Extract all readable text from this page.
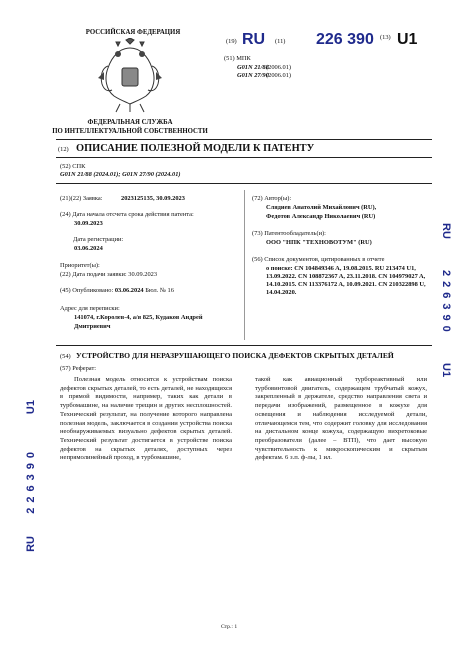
РОССИЙСКАЯ ФЕДЕРАЦИЯ
ФЕДЕРАЛЬНАЯ СЛУЖБА
ПО ИНТЕЛЛЕКТУАЛЬНОЙ СОБСТВЕННОСТИ
(19) RU (11) 226 390 (13) U1
(51) МПК
G01N 21/88
(2006.01)
G01N 27/90
(2006.01)
(12) ОПИСАНИЕ ПОЛЕЗНОЙ МОДЕЛИ К ПАТЕНТУ
(52) СПК
G01N 21/88 (2024.01); G01N 27/90 (2024.01)
(21)(22) Заявка:	2023125135, 30.09.2023
(24) Дата начала отсчета срока действия патента:
30.09.2023
Дата регистрации:
03.06.2024
Приоритет(ы):
(22) Дата подачи заявки: 30.09.2023
(45) Опубликовано: 03.06.2024 Бюл. № 16
Адрес для переписки:
141074, г.Королев-4, а/я 825, Кудаков Андрей
Дмитриевич
(72) Автор(ы):
Слядиев Анатолий Михайлович (RU),
Федотов Александр Николаевич (RU)
(73) Патентообладатель(и):
ООО "НПК "ТЕХНОВОТУМ" (RU)
(56) Список документов, цитированных в отчете
о поиске: CN 104849346 A, 19.08.2015. RU 213474 U1, 13.09.2022. CN 108872367 A, 23.11.2018. CN 104979027 A, 14.10.2015. CN 113376172 A, 10.09.2021. CN 210322898 U, 14.04.2020.
(54) УСТРОЙСТВО ДЛЯ НЕРАЗРУШАЮЩЕГО ПОИСКА ДЕФЕКТОВ СКРЫТЫХ ДЕТАЛЕЙ
(57) Реферат:
Полезная модель относится к устройствам поиска дефектов скрытых деталей, то есть деталей, не находящихся в прямой видимости, например, таких как детали в турбомашине, на наличие трещин и других несплошностей. Технический результат, на получение которого направлена полезная модель, заключается в создании устройства поиска необнаруживаемых визуально дефектов скрытых деталей. Технический результат достигается в устройстве поиска дефектов на скрытых деталях, доступных через непрямолинейный проход, в турбомашине,
такой как авиационный турбореактивный или турбовинтовой двигатель, содержащем трубчатый кожух, закрепленный в держателе, средство направления света и передачи изображений, размещенное в кожухе для освещения и наблюдения исследуемой детали, отличающемся тем, что содержит головку для исследования на дистальном конце кожуха, содержащую вихретоковые преобразователи (далее – ВТП), что дает высокую чувствительность к микроскопическим и скрытым дефектам. 6 з.п. ф-лы, 1 ил.
RU
226390
U1
U1
226390
RU
Стр.: 1
